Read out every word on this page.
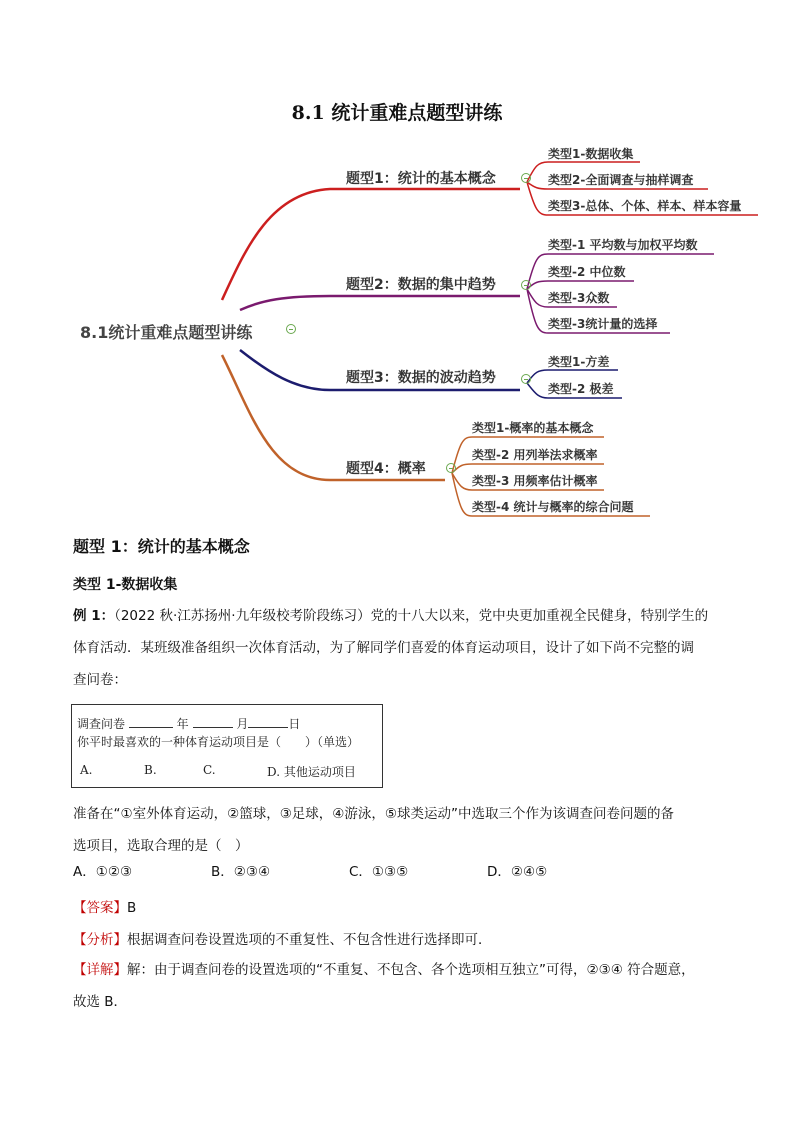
8.1 统计重难点题型讲练
8.1统计重难点题型讲练
题型1：统计的基本概念
题型2：数据的集中趋势
题型3：数据的波动趋势
题型4：概率
类型1-数据收集
类型2-全面调查与抽样调查
类型3-总体、个体、样本、样本容量
类型-1 平均数与加权平均数
类型-2 中位数
类型-3众数
类型-3统计量的选择
类型1-方差
类型-2 极差
类型1-概率的基本概念
类型-2 用列举法求概率
类型-3 用频率估计概率
类型-4 统计与概率的综合问题
题型 1：统计的基本概念
类型 1-数据收集
例 1：（2022 秋·江苏扬州·九年级校考阶段练习）党的十八大以来，党中央更加重视全民健身，特别学生的
体育活动．某班级准备组织一次体育活动，为了解同学们喜爱的体育运动项目，设计了如下尚不完整的调
查问卷：
调查问卷	年	月	日
你平时最喜欢的一种体育运动项目是（　　）（单选）
A.	B.	C.	D. 其他运动项目
准备在“①室外体育运动，②篮球，③足球，④游泳，⑤球类运动”中选取三个作为该调查问卷问题的备
选项目，选取合理的是（　）
A．①②③	B．②③④	C．①③⑤	D．②④⑤
【答案】B
【分析】根据调查问卷设置选项的不重复性、不包含性进行选择即可．
【详解】解：由于调查问卷的设置选项的“不重复、不包含、各个选项相互独立”可得，②③④ 符合题意，
故选 B．
